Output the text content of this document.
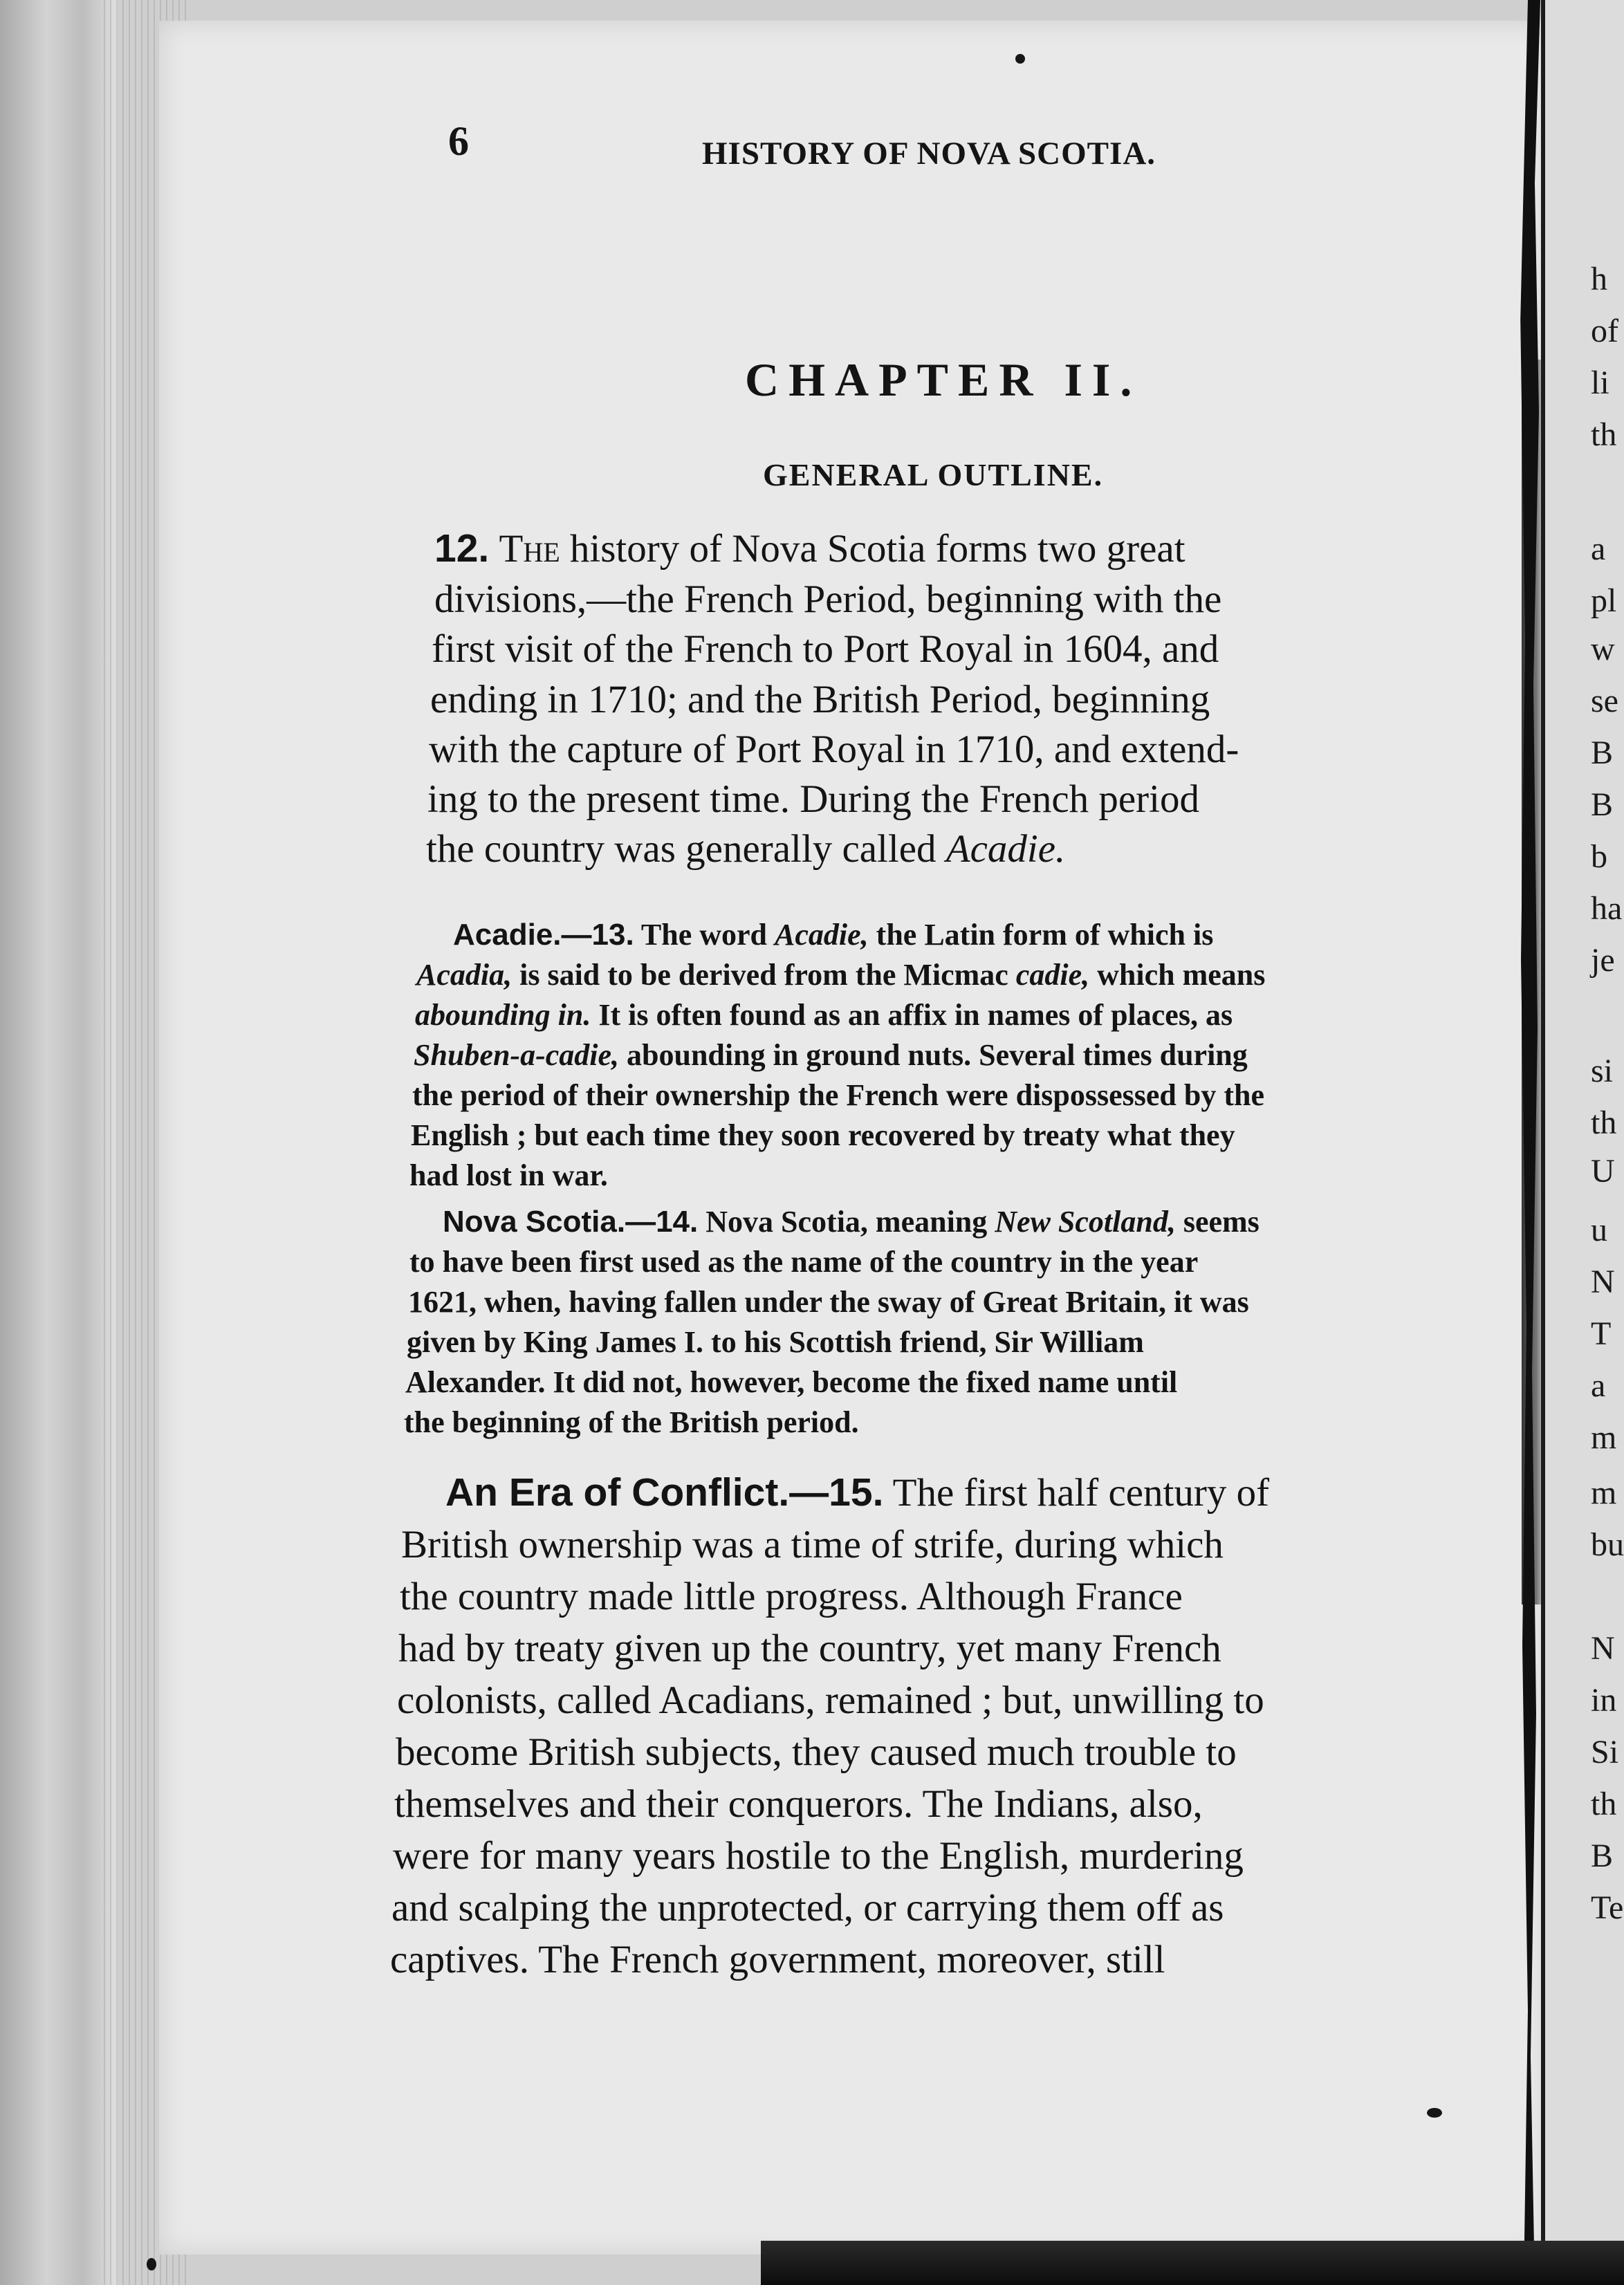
6	HISTORY OF NOVA SCOTIA.
CHAPTER II.
GENERAL OUTLINE.
12. The history of Nova Scotia forms two great
divisions,—the French Period, beginning with the
first visit of the French to Port Royal in 1604, and
ending in 1710; and the British Period, beginning
with the capture of Port Royal in 1710, and extend-
ing to the present time. During the French period
the country was generally called Acadie.
Acadie.—13. The word Acadie, the Latin form of which is
Acadia, is said to be derived from the Micmac cadie, which means
abounding in. It is often found as an affix in names of places, as
Shuben-a-cadie, abounding in ground nuts. Several times during
the period of their ownership the French were dispossessed by the
English ; but each time they soon recovered by treaty what they
had lost in war.
Nova Scotia.—14. Nova Scotia, meaning New Scotland, seems
to have been first used as the name of the country in the year
1621, when, having fallen under the sway of Great Britain, it was
given by King James I. to his Scottish friend, Sir William
Alexander. It did not, however, become the fixed name until
the beginning of the British period.
An Era of Conflict.—15. The first half century of
British ownership was a time of strife, during which
the country made little progress. Although France
had by treaty given up the country, yet many French
colonists, called Acadians, remained ; but, unwilling to
become British subjects, they caused much trouble to
themselves and their conquerors. The Indians, also,
were for many years hostile to the English, murdering
and scalping the unprotected, or carrying them off as
captives. The French government, moreover, still
h
of
li
th
a
pl
w
se
B
B
b
ha
je
si
th
U
u
N
T
a
m
m
bu
N
in
Si
th
B
Te
